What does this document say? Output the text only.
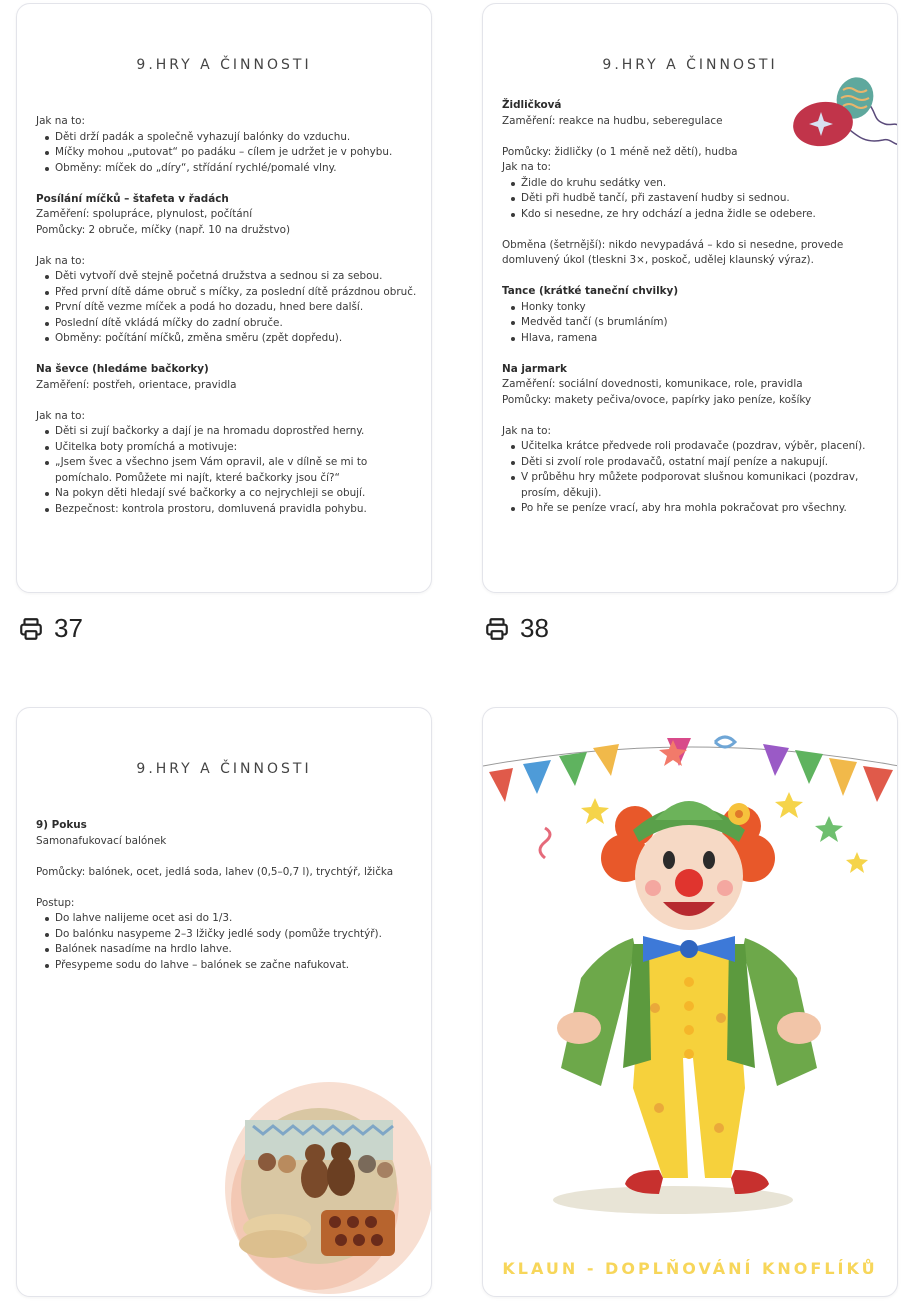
9.HRY A ČINNOSTI
Jak na to:
Děti drží padák a společně vyhazují balónky do vzduchu.
Míčky mohou „putovat“ po padáku – cílem je udržet je v pohybu.
Obměny: míček do „díry“, střídání rychlé/pomalé vlny.
Posílání míčků – štafeta v řadách
Zaměření: spolupráce, plynulost, počítání
Pomůcky: 2 obruče, míčky (např. 10 na družstvo)
Jak na to:
Děti vytvoří dvě stejně početná družstva a sednou si za sebou.
Před první dítě dáme obruč s míčky, za poslední dítě prázdnou obruč.
První dítě vezme míček a podá ho dozadu, hned bere další.
Poslední dítě vkládá míčky do zadní obruče.
Obměny: počítání míčků, změna směru (zpět dopředu).
Na ševce (hledáme bačkorky)
Zaměření: postřeh, orientace, pravidla
Jak na to:
Děti si zují bačkorky a dají je na hromadu doprostřed herny.
Učitelka boty promíchá a motivuje:
„Jsem švec a všechno jsem Vám opravil, ale v dílně se mi to pomíchalo. Pomůžete mi najít, které bačkorky jsou čí?“
Na pokyn děti hledají své bačkorky a co nejrychleji se obují.
Bezpečnost: kontrola prostoru, domluvená pravidla pohybu.
9.HRY A ČINNOSTI
Židličková
Zaměření: reakce na hudbu, seberegulace
Pomůcky: židličky (o 1 méně než dětí), hudba
Jak na to:
Židle do kruhu sedátky ven.
Děti při hudbě tančí, při zastavení hudby si sednou.
Kdo si nesedne, ze hry odchází a jedna židle se odebere.
Obměna (šetrnější): nikdo nevypadává – kdo si nesedne, provede domluvený úkol (tleskni 3×, poskoč, udělej klaunský výraz).
Tance (krátké taneční chvilky)
Honky tonky
Medvěd tančí (s brumláním)
Hlava, ramena
Na jarmark
Zaměření: sociální dovednosti, komunikace, role, pravidla
Pomůcky: makety pečiva/ovoce, papírky jako peníze, košíky
Jak na to:
Učitelka krátce předvede roli prodavače (pozdrav, výběr, placení).
Děti si zvolí role prodavačů, ostatní mají peníze a nakupují.
V průběhu hry můžete podporovat slušnou komunikaci (pozdrav, prosím, děkuji).
Po hře se peníze vrací, aby hra mohla pokračovat pro všechny.
37	38
9.HRY A ČINNOSTI
9) Pokus
Samonafukovací balónek
Pomůcky: balónek, ocet, jedlá soda, lahev (0,5–0,7 l), trychtýř, lžička
Postup:
Do lahve nalijeme ocet asi do 1/3.
Do balónku nasypeme 2–3 lžičky jedlé sody (pomůže trychtýř).
Balónek nasadíme na hrdlo lahve.
Přesypeme sodu do lahve – balónek se začne nafukovat.
KLAUN - DOPLŇOVÁNÍ KNOFLÍKŮ
